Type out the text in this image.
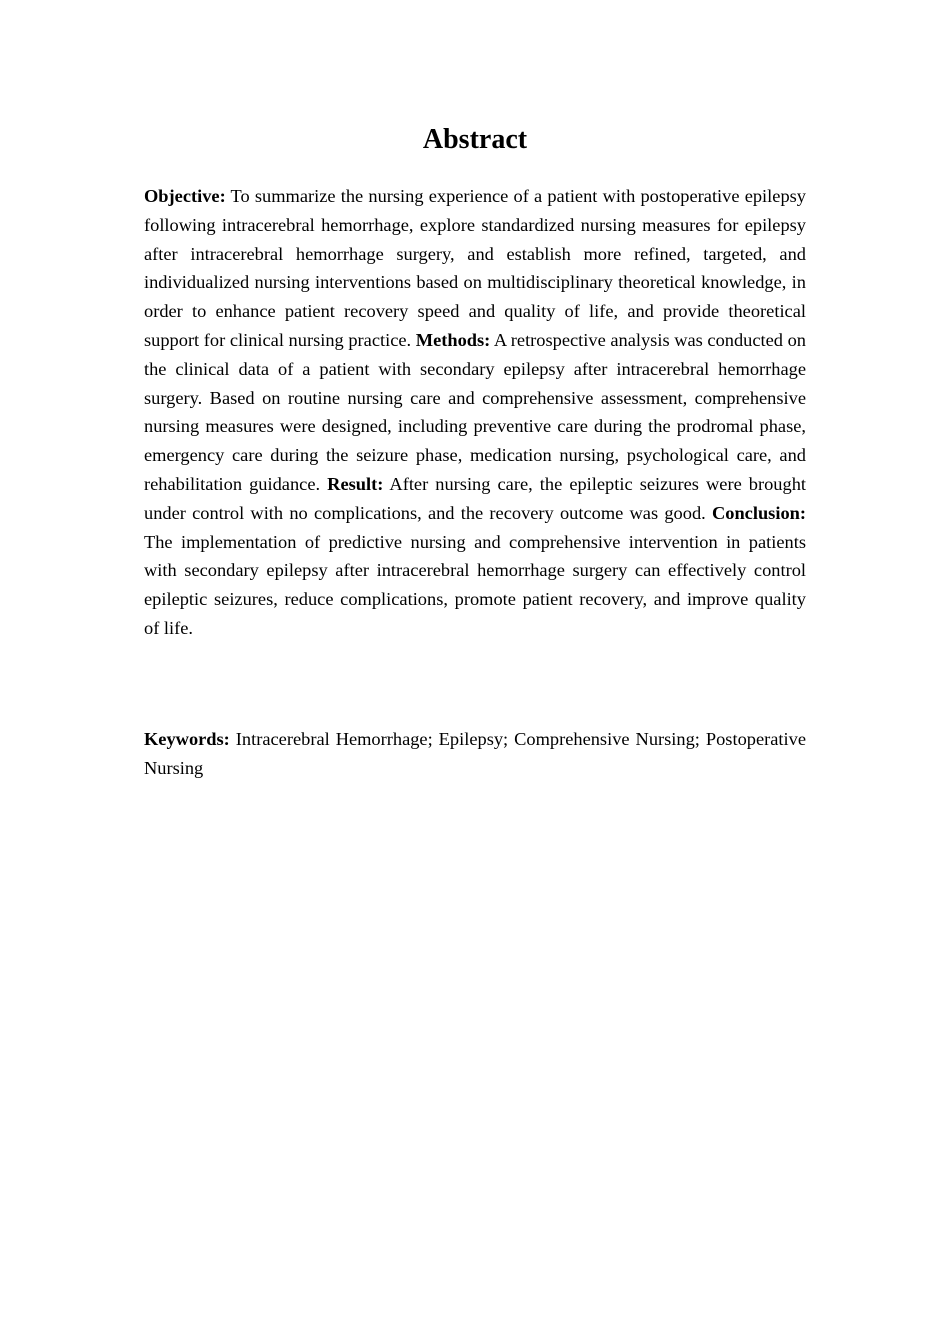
Abstract

Objective: To summarize the nursing experience of a patient with postoperative epilepsy following intracerebral hemorrhage, explore standardized nursing measures for epilepsy after intracerebral hemorrhage surgery, and establish more refined, targeted, and individualized nursing interventions based on multidisciplinary theoretical knowledge, in order to enhance patient recovery speed and quality of life, and provide theoretical support for clinical nursing practice. Methods: A retrospective analysis was conducted on the clinical data of a patient with secondary epilepsy after intracerebral hemorrhage surgery. Based on routine nursing care and comprehensive assessment, comprehensive nursing measures were designed, including preventive care during the prodromal phase, emergency care during the seizure phase, medication nursing, psychological care, and rehabilitation guidance. Result: After nursing care, the epileptic seizures were brought under control with no complications, and the recovery outcome was good. Conclusion: The implementation of predictive nursing and comprehensive intervention in patients with secondary epilepsy after intracerebral hemorrhage surgery can effectively control epileptic seizures, reduce complications, promote patient recovery, and improve quality of life.

Keywords: Intracerebral Hemorrhage; Epilepsy; Comprehensive Nursing; Postoperative Nursing
